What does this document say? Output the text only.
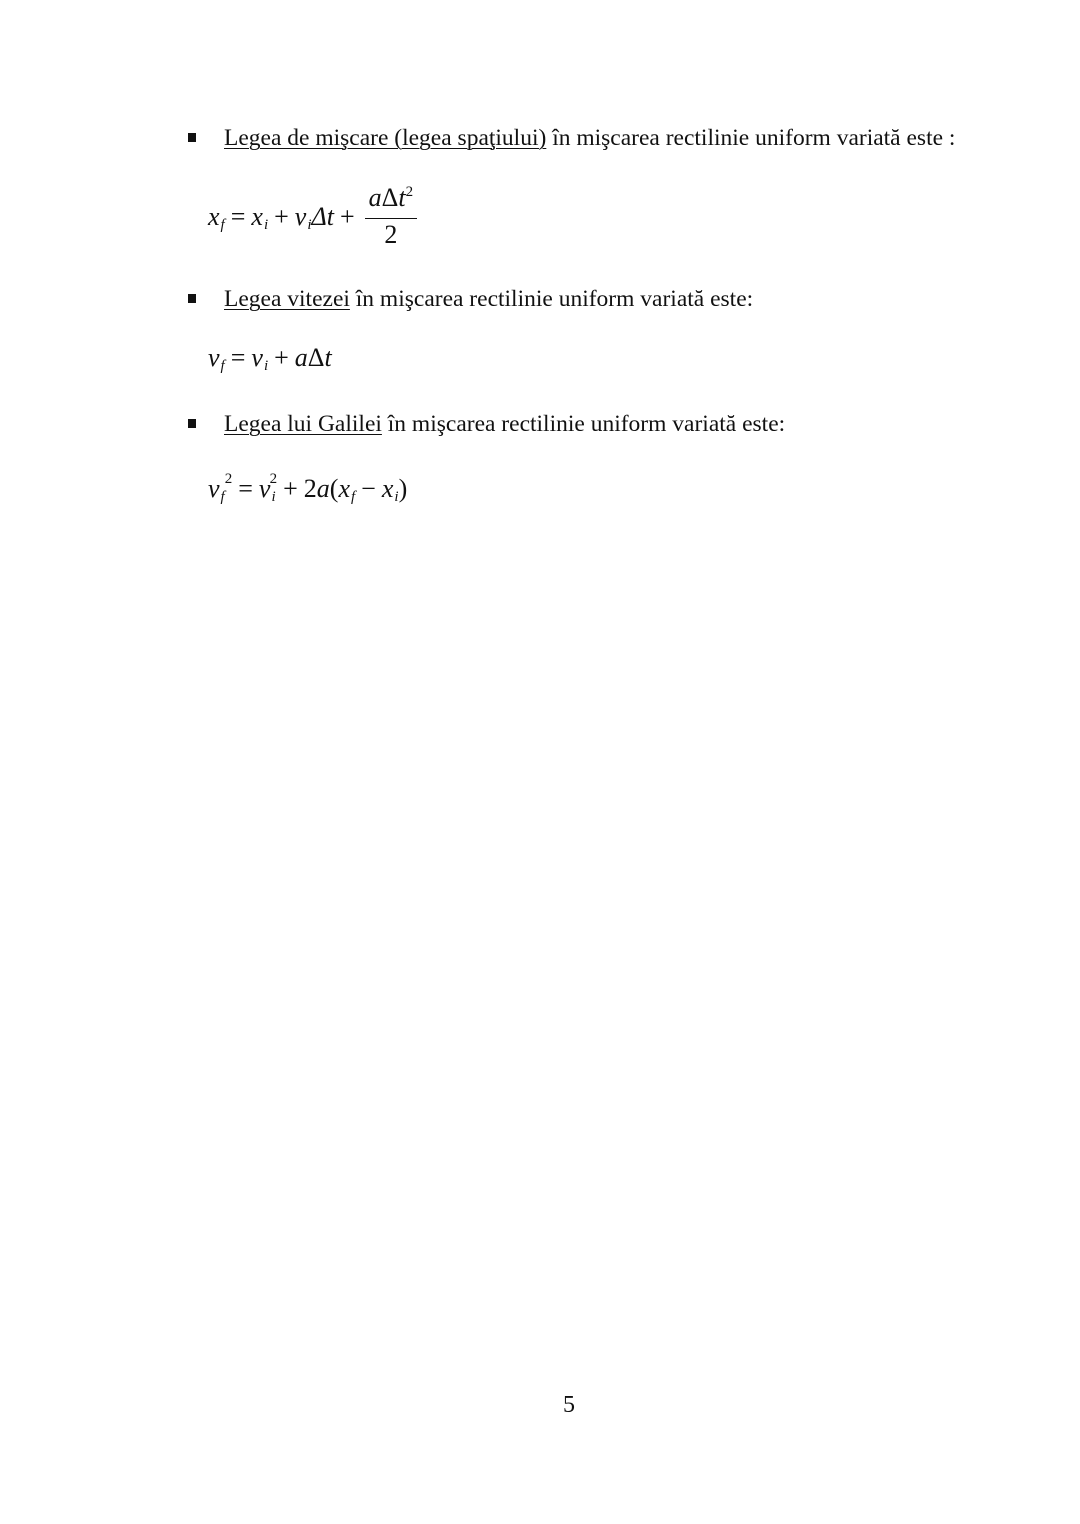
Legea de mişcare (legea spaţiului) în mişcarea rectilinie uniform variată este :
x f = x i + v i $\Delta t + \frac{a\Delta t^2}{2}$
Legea vitezei în mişcarea rectilinie uniform variată este:
v f = v i + a Δ t
Legea lui Galilei în mişcarea rectilinie uniform variată este:
v f
2 = v i
2 + 2 a ( x f − x i )
5
